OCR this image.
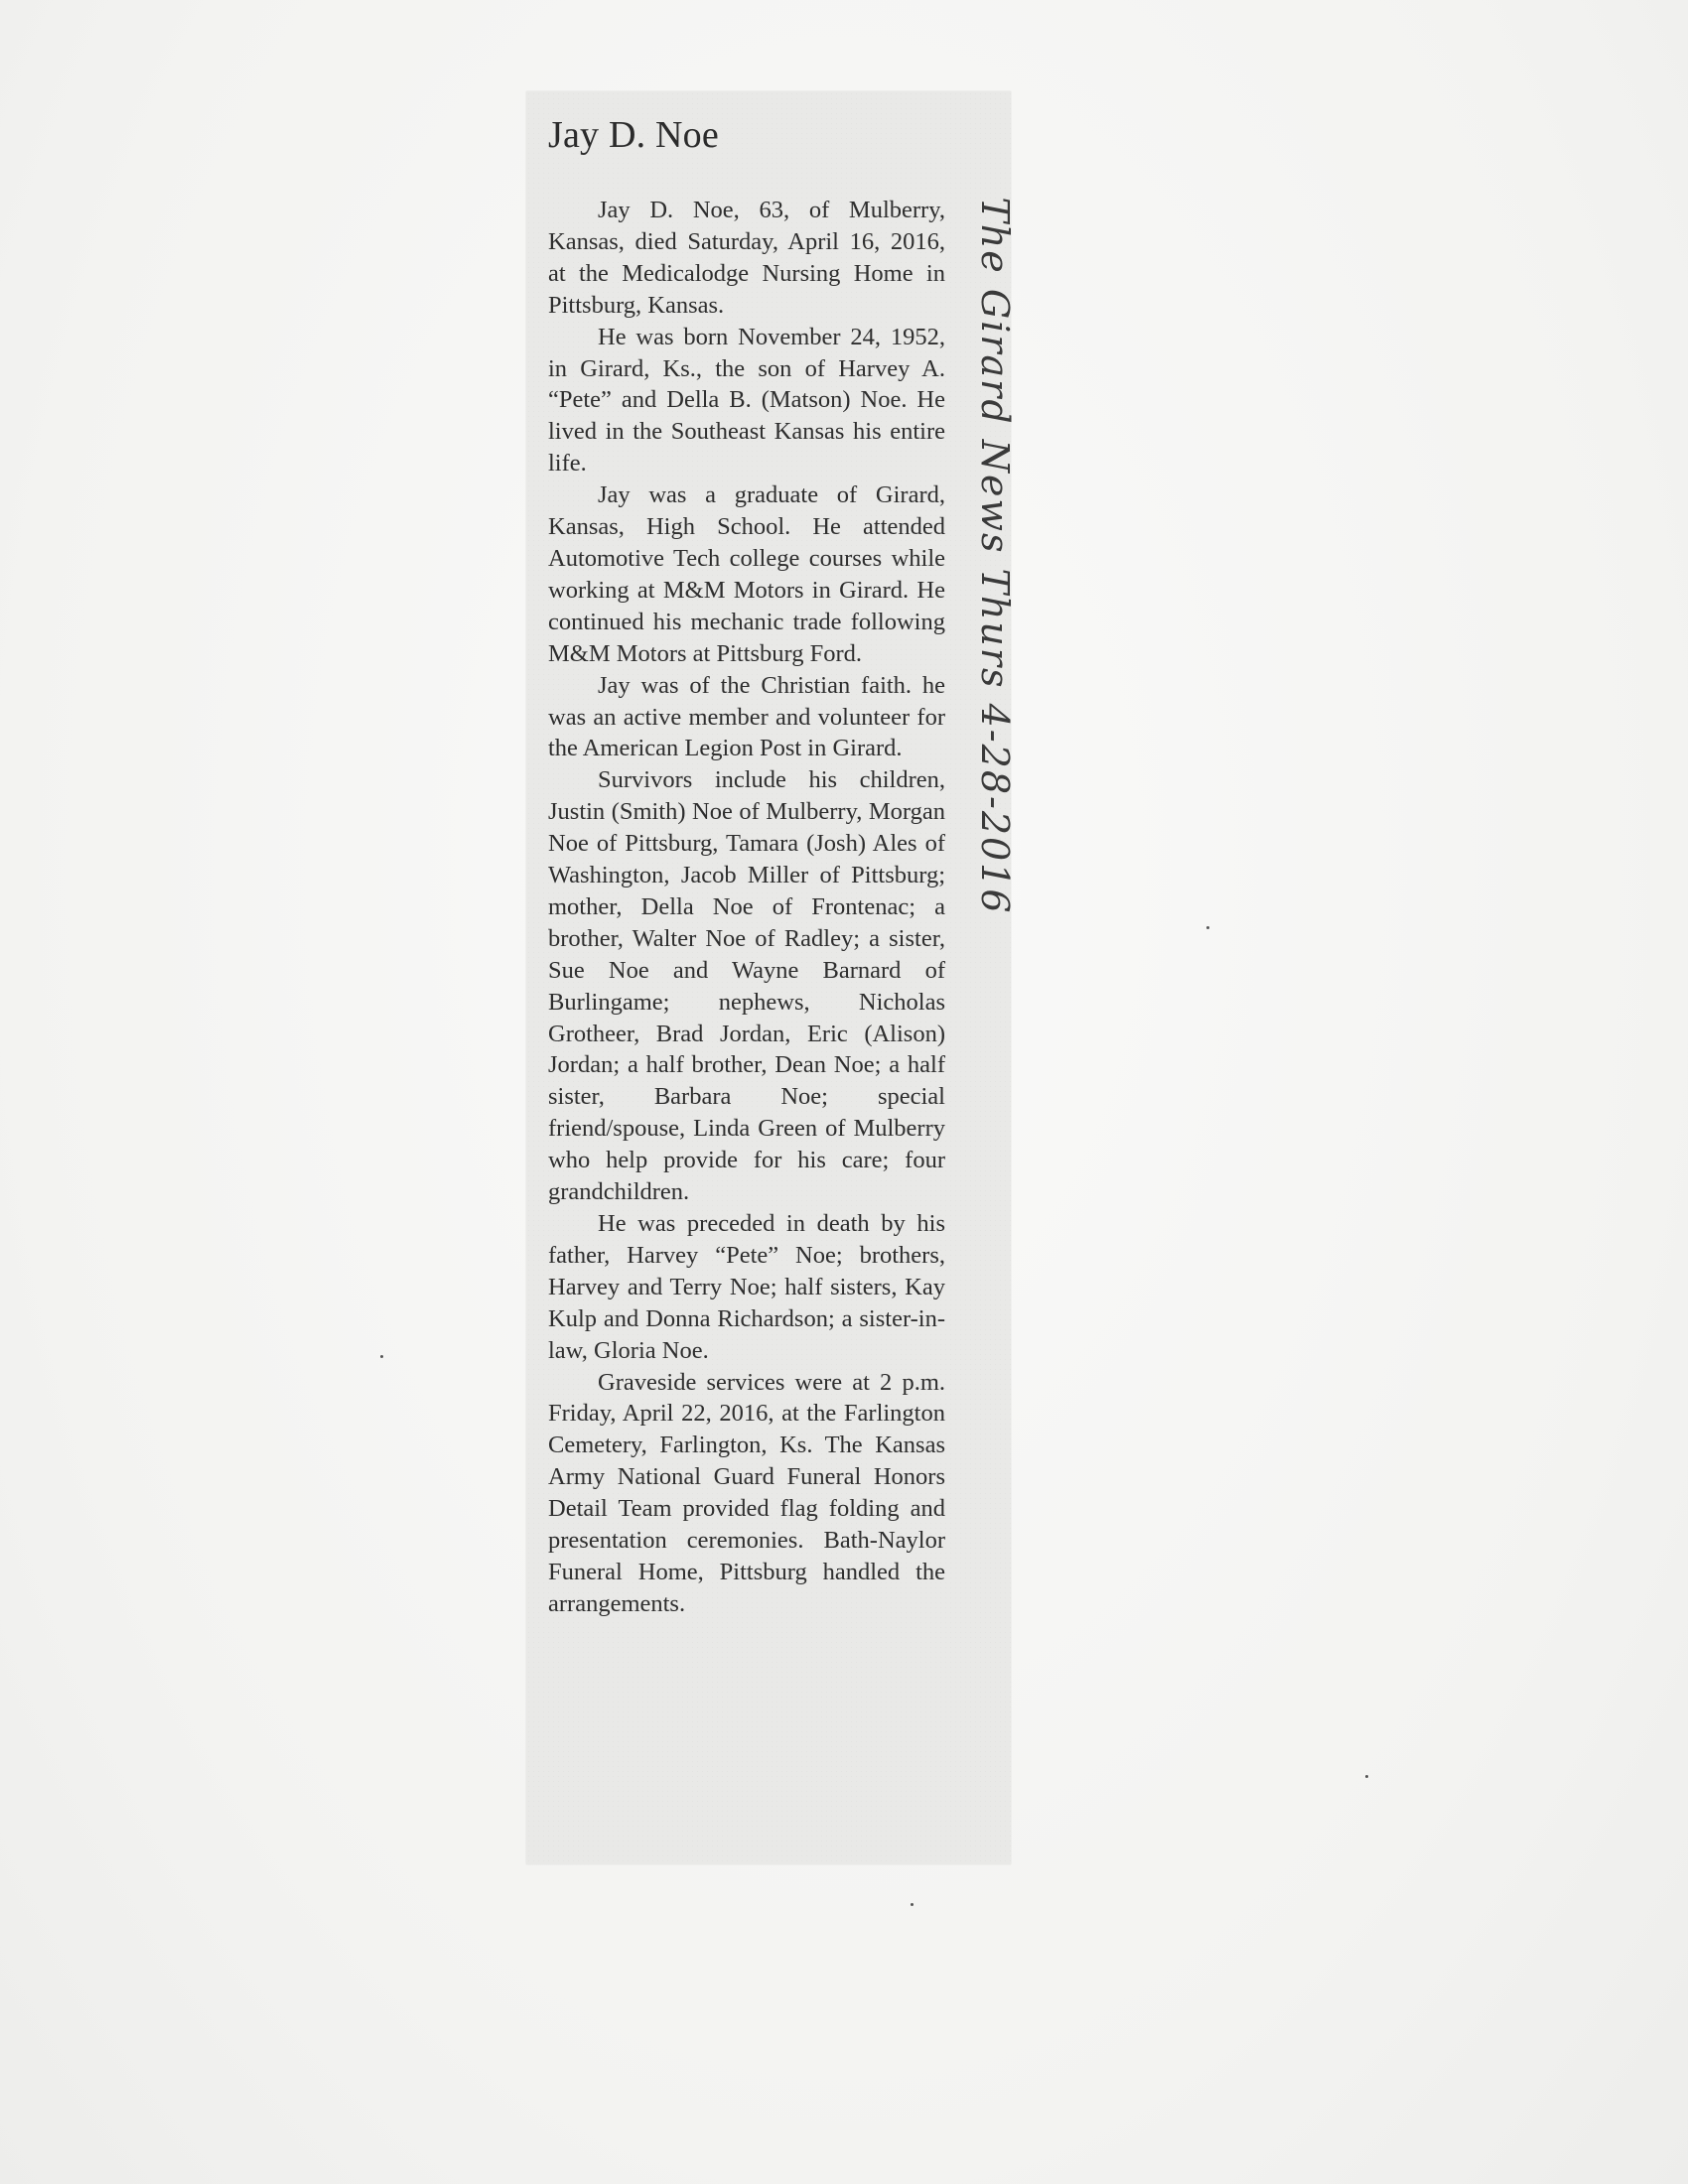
Jay D. Noe

Jay D. Noe, 63, of Mulberry, Kansas, died Saturday, April 16, 2016, at the Medicalodge Nursing Home in Pittsburg, Kansas.

He was born November 24, 1952, in Girard, Ks., the son of Harvey A. “Pete” and Della B. (Matson) Noe. He lived in the Southeast Kansas his entire life.

Jay was a graduate of Girard, Kansas, High School. He attended Automotive Tech college courses while working at M&M Motors in Girard. He continued his mechanic trade following M&M Motors at Pittsburg Ford.

Jay was of the Christian faith. he was an active member and volunteer for the American Legion Post in Girard.

Survivors include his children, Justin (Smith) Noe of Mulberry, Morgan Noe of Pittsburg, Tamara (Josh) Ales of Washington, Jacob Miller of Pittsburg; mother, Della Noe of Frontenac; a brother, Walter Noe of Radley; a sister, Sue Noe and Wayne Barnard of Burlingame; nephews, Nicholas Grotheer, Brad Jordan, Eric (Alison) Jordan; a half brother, Dean Noe; a half sister, Barbara Noe; special friend/spouse, Linda Green of Mulberry who help provide for his care; four grandchildren.

He was preceded in death by his father, Harvey “Pete” Noe; brothers, Harvey and Terry Noe; half sisters, Kay Kulp and Donna Richardson; a sister-in-law, Gloria Noe.

Graveside services were at 2 p.m. Friday, April 22, 2016, at the Farlington Cemetery, Farlington, Ks. The Kansas Army National Guard Funeral Honors Detail Team provided flag folding and presentation ceremonies. Bath-Naylor Funeral Home, Pittsburg handled the arrangements.

The Girard News Thurs 4-28-2016
